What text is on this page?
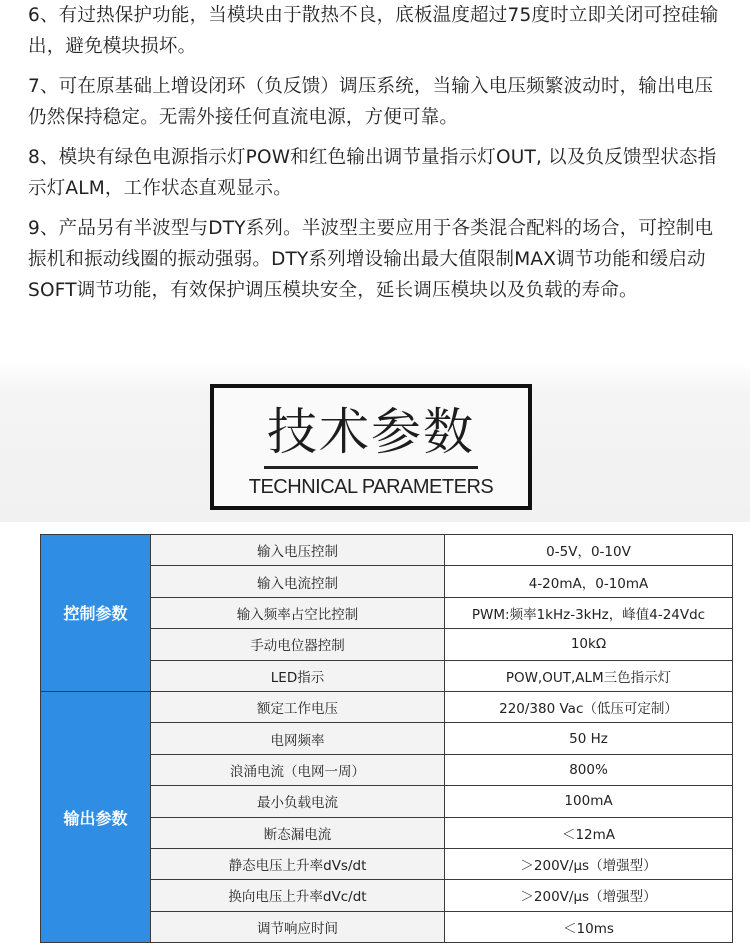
6、有过热保护功能，当模块由于散热不良，底板温度超过75度时立即关闭可控硅输出，避免模块损坏。

7、可在原基础上增设闭环（负反馈）调压系统，当输入电压频繁波动时，输出电压仍然保持稳定。无需外接任何直流电源，方便可靠。

8、模块有绿色电源指示灯POW和红色输出调节量指示灯OUT, 以及负反馈型状态指示灯ALM，工作状态直观显示。

9、产品另有半波型与DTY系列。半波型主要应用于各类混合配料的场合，可控制电振机和振动线圈的振动强弱。DTY系列增设输出最大值限制MAX调节功能和缓启动SOFT调节功能，有效保护调压模块安全，延长调压模块以及负载的寿命。

技术参数
TECHNICAL PARAMETERS
控制参数	输入电压控制	0-5V，0-10V
	输入电流控制	4-20mA，0-10mA
	输入频率占空比控制	PWM:频率1kHz-3kHz，峰值4-24Vdc
	手动电位器控制	10kΩ
	LED指示	POW,OUT,ALM三色指示灯
输出参数	额定工作电压	220/380 Vac（低压可定制）
	电网频率	50 Hz
	浪涌电流（电网一周）	800%
	最小负载电流	100mA
	断态漏电流	＜12mA
	静态电压上升率dVs/dt	＞200V/μs（增强型）
	换向电压上升率dVc/dt	＞200V/μs（增强型）
	调节响应时间	＜10ms
